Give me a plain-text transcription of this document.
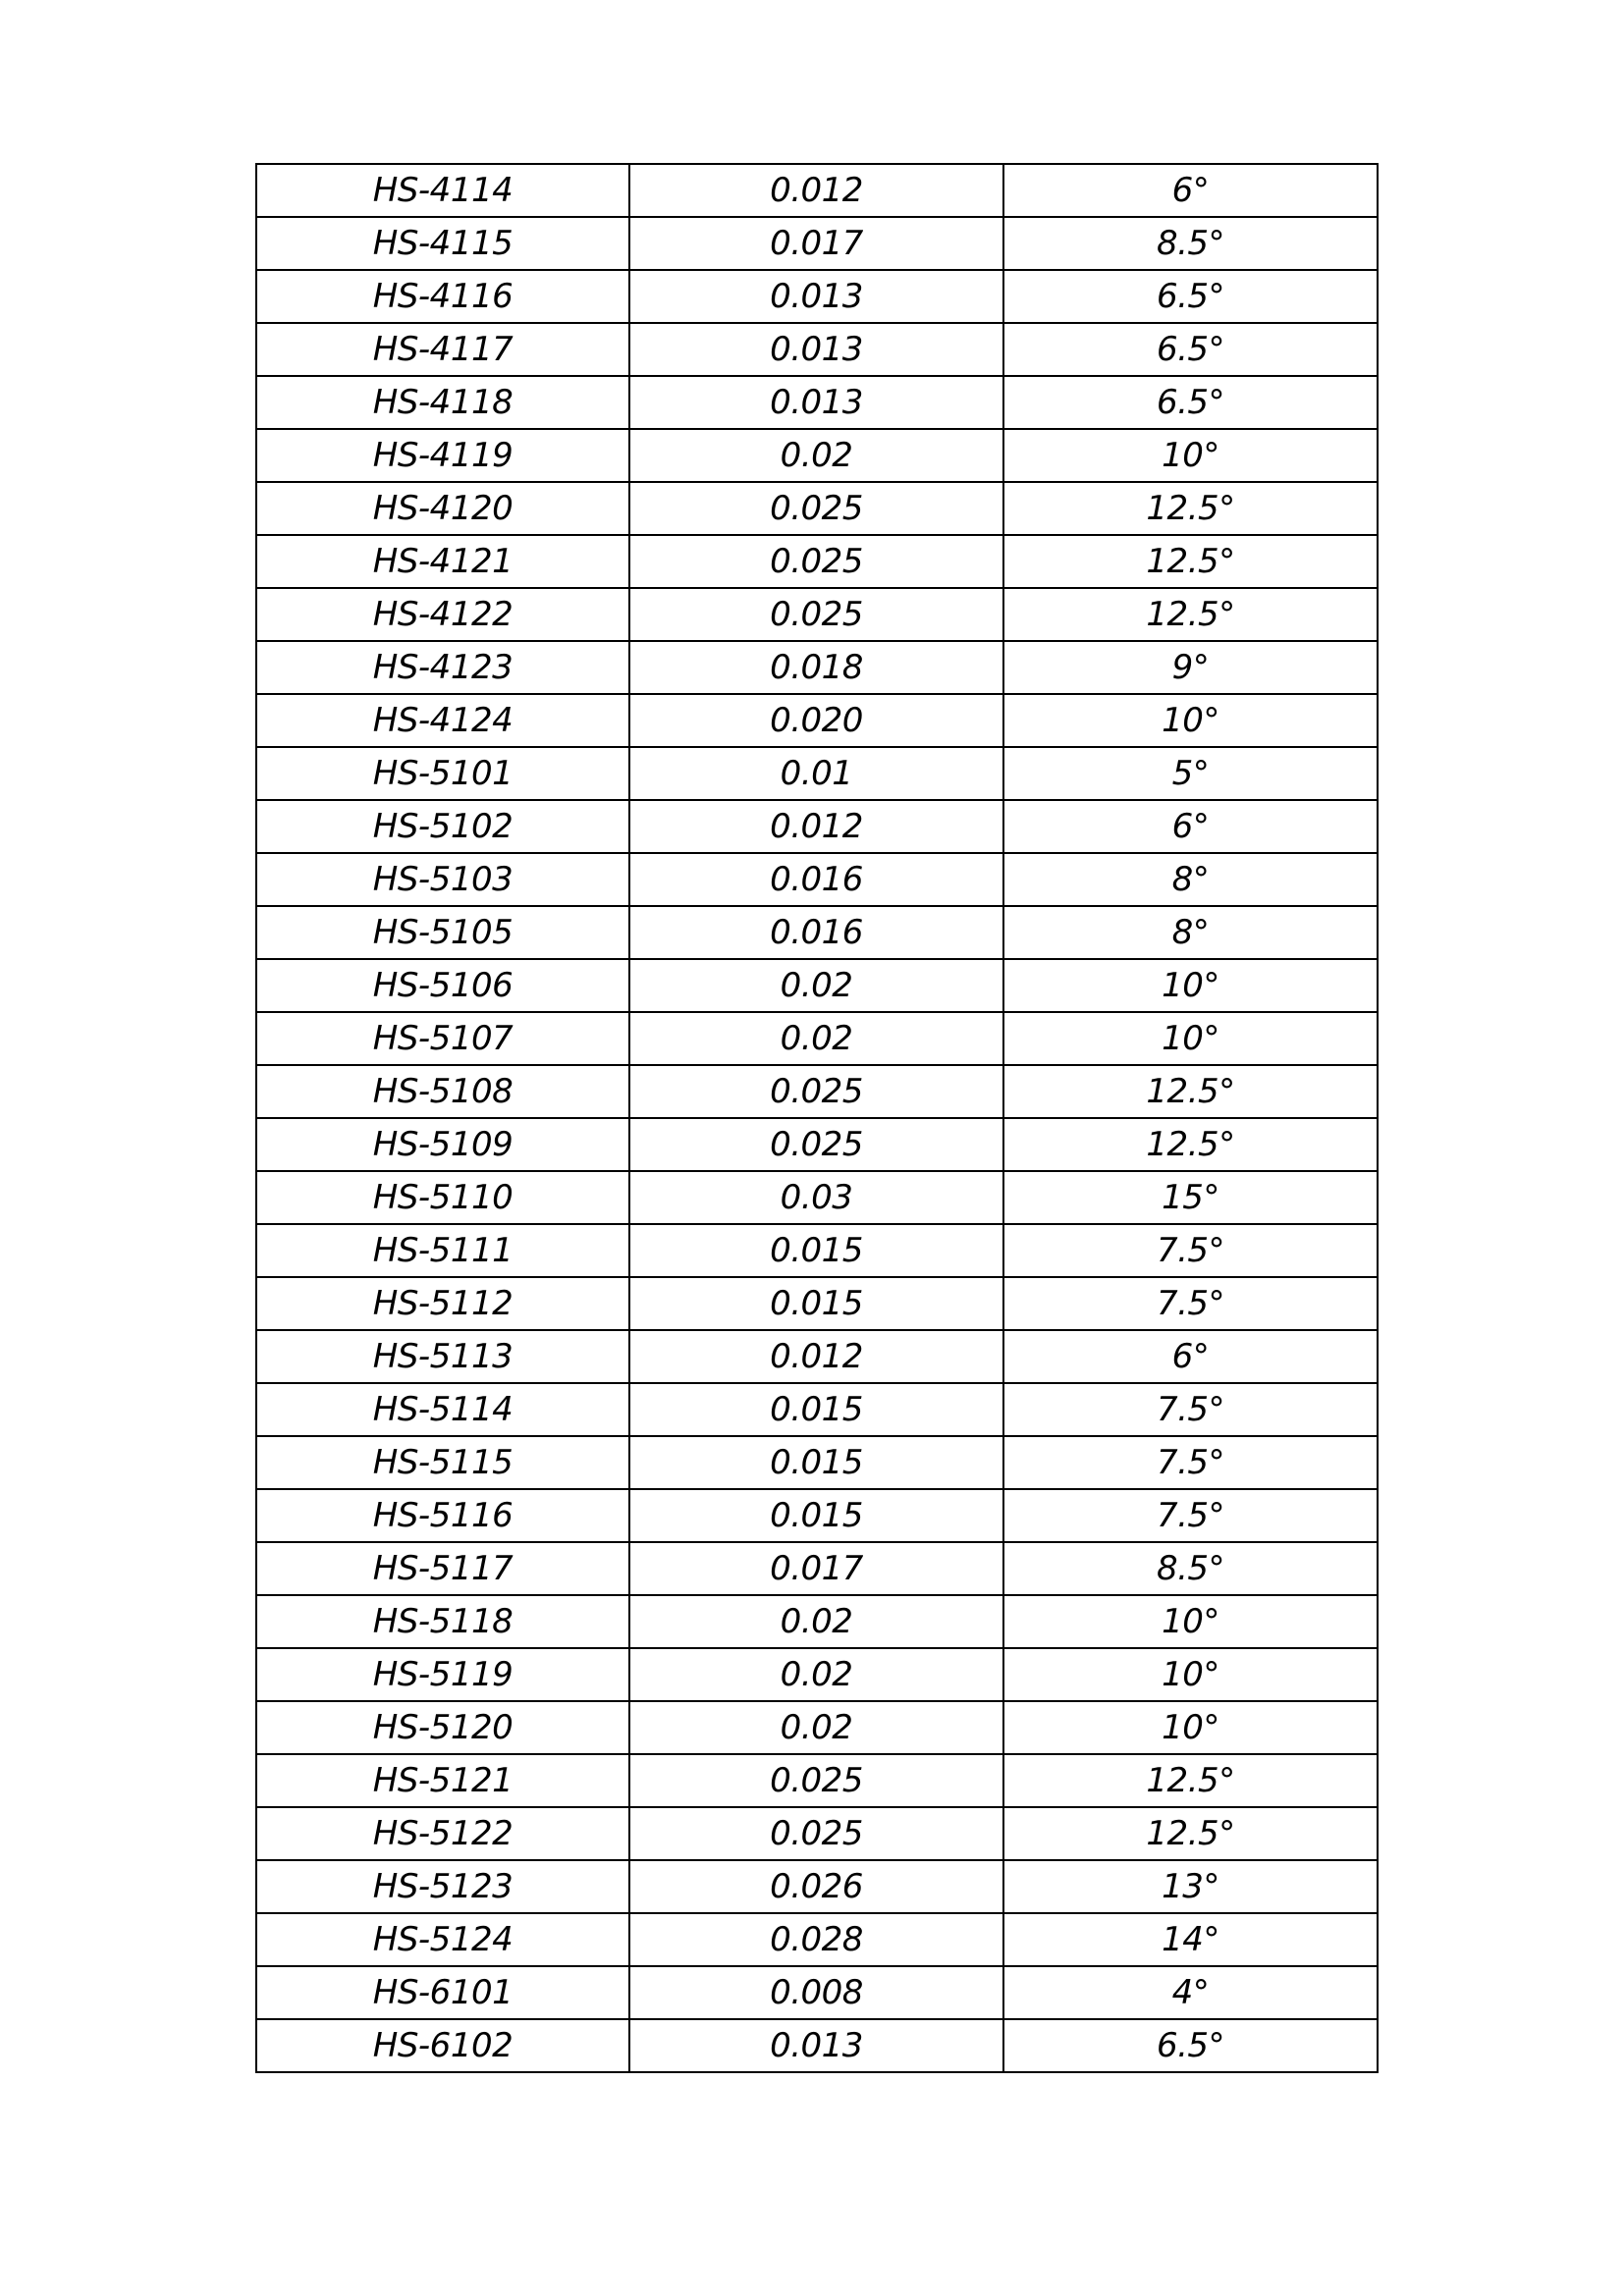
HS-4114	0.012	6°
HS-4115	0.017	8.5°
HS-4116	0.013	6.5°
HS-4117	0.013	6.5°
HS-4118	0.013	6.5°
HS-4119	0.02	10°
HS-4120	0.025	12.5°
HS-4121	0.025	12.5°
HS-4122	0.025	12.5°
HS-4123	0.018	9°
HS-4124	0.020	10°
HS-5101	0.01	5°
HS-5102	0.012	6°
HS-5103	0.016	8°
HS-5105	0.016	8°
HS-5106	0.02	10°
HS-5107	0.02	10°
HS-5108	0.025	12.5°
HS-5109	0.025	12.5°
HS-5110	0.03	15°
HS-5111	0.015	7.5°
HS-5112	0.015	7.5°
HS-5113	0.012	6°
HS-5114	0.015	7.5°
HS-5115	0.015	7.5°
HS-5116	0.015	7.5°
HS-5117	0.017	8.5°
HS-5118	0.02	10°
HS-5119	0.02	10°
HS-5120	0.02	10°
HS-5121	0.025	12.5°
HS-5122	0.025	12.5°
HS-5123	0.026	13°
HS-5124	0.028	14°
HS-6101	0.008	4°
HS-6102	0.013	6.5°
